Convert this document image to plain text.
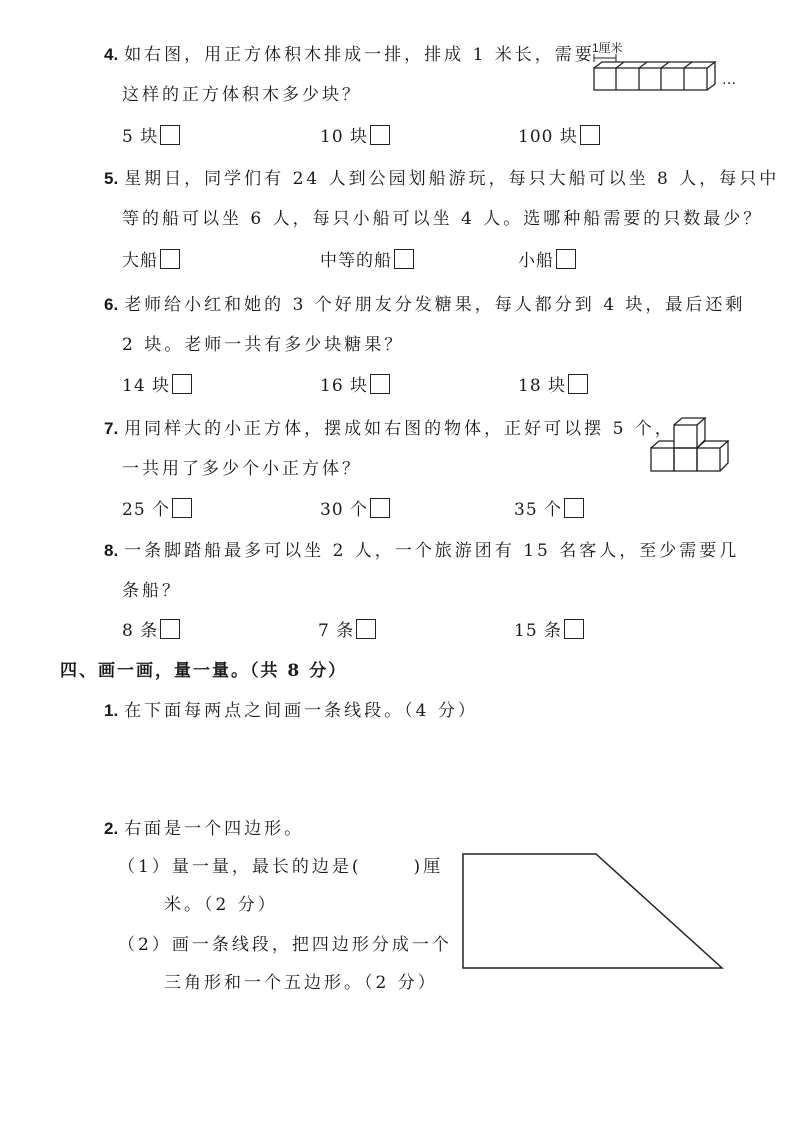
4. 如右图，用正方体积木排成一排，排成 1 米长，需要
这样的正方体积木多少块？
1厘米
…
5 块	10 块	100 块
5. 星期日，同学们有 24 人到公园划船游玩，每只大船可以坐 8 人，每只中
等的船可以坐 6 人，每只小船可以坐 4 人。选哪种船需要的只数最少？
大船	中等的船	小船
6. 老师给小红和她的 3 个好朋友分发糖果，每人都分到 4 块，最后还剩
2 块。老师一共有多少块糖果？
14 块	16 块	18 块
7. 用同样大的小正方体，摆成如右图的物体，正好可以摆 5 个，
一共用了多少个小正方体？
25 个	30 个	35 个
8. 一条脚踏船最多可以坐 2 人，一个旅游团有 15 名客人，至少需要几
条船？
8 条	7 条	15 条
四、画一画，量一量。（共 8 分）
1. 在下面每两点之间画一条线段。（4 分）
2. 右面是一个四边形。
（1）量一量，最长的边是(	)厘
米。（2 分）
（2）画一条线段，把四边形分成一个
三角形和一个五边形。（2 分）
